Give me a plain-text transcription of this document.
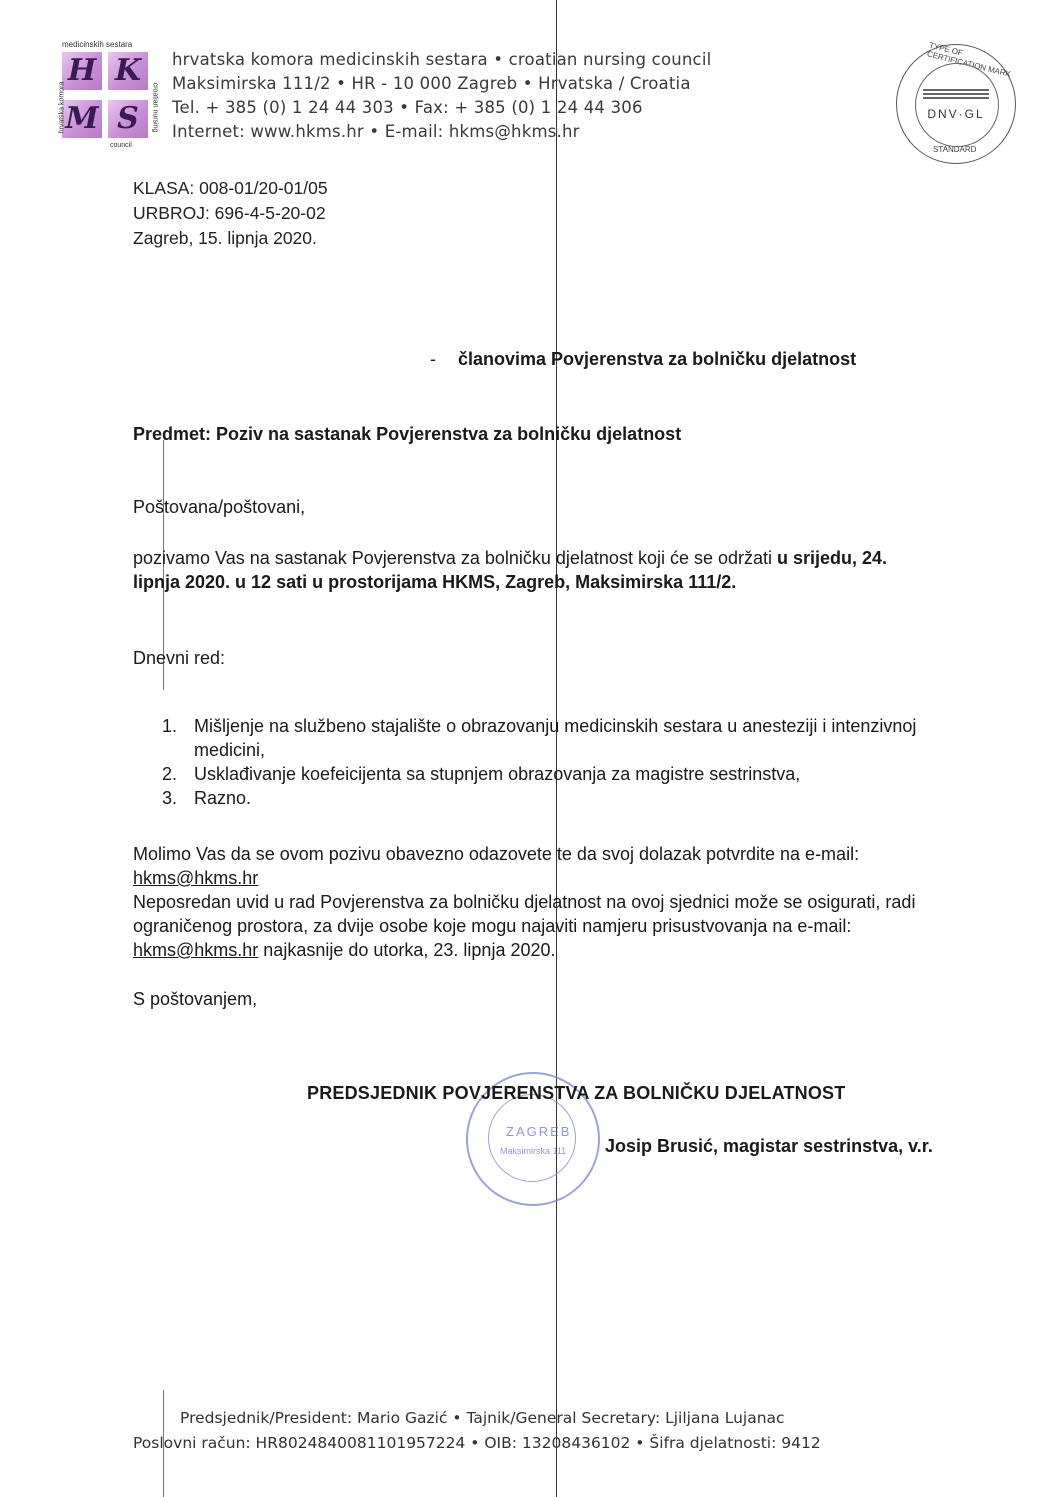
medicinskih sestara
H K
M S
hrvatska komora	croatian nursing
council
hrvatska komora medicinskih sestara • croatian nursing council
Maksimirska 111/2 • HR - 10 000 Zagreb • Hrvatska / Croatia
Tel. + 385 (0) 1 24 44 303 • Fax: + 385 (0) 1 24 44 306
Internet: www.hkms.hr • E-mail: hkms@hkms.hr
TYPE OF CERTIFICATION MARK
DNV·GL
STANDARD
KLASA: 008-01/20-01/05
URBROJ: 696-4-5-20-02
Zagreb, 15. lipnja 2020.
- članovima Povjerenstva za bolničku djelatnost
Predmet: Poziv na sastanak Povjerenstva za bolničku djelatnost
Poštovana/poštovani,
pozivamo Vas na sastanak Povjerenstva za bolničku djelatnost koji će se održati u srijedu, 24. lipnja 2020. u 12 sati u prostorijama HKMS, Zagreb, Maksimirska 111/2.
Dnevni red:
1. Mišljenje na službeno stajalište o obrazovanju medicinskih sestara u anesteziji i intenzivnoj medicini,
2. Usklađivanje koefeicijenta sa stupnjem obrazovanja za magistre sestrinstva,
3. Razno.
Molimo Vas da se ovom pozivu obavezno odazovete te da svoj dolazak potvrdite na e-mail: hkms@hkms.hr
Neposredan uvid u rad Povjerenstva za bolničku djelatnost na ovoj sjednici može se osigurati, radi ograničenog prostora, za dvije osobe koje mogu najaviti namjeru prisustvovanja na e-mail: hkms@hkms.hr najkasnije do utorka, 23. lipnja 2020.
S poštovanjem,
ZAGREB
Maksimirska 111
PREDSJEDNIK POVJERENSTVA ZA BOLNIČKU DJELATNOST
Josip Brusić, magistar sestrinstva, v.r.
Predsjednik/President: Mario Gazić • Tajnik/General Secretary: Ljiljana Lujanac
Poslovni račun: HR8024840081101957224 • OIB: 13208436102 • Šifra djelatnosti: 9412
